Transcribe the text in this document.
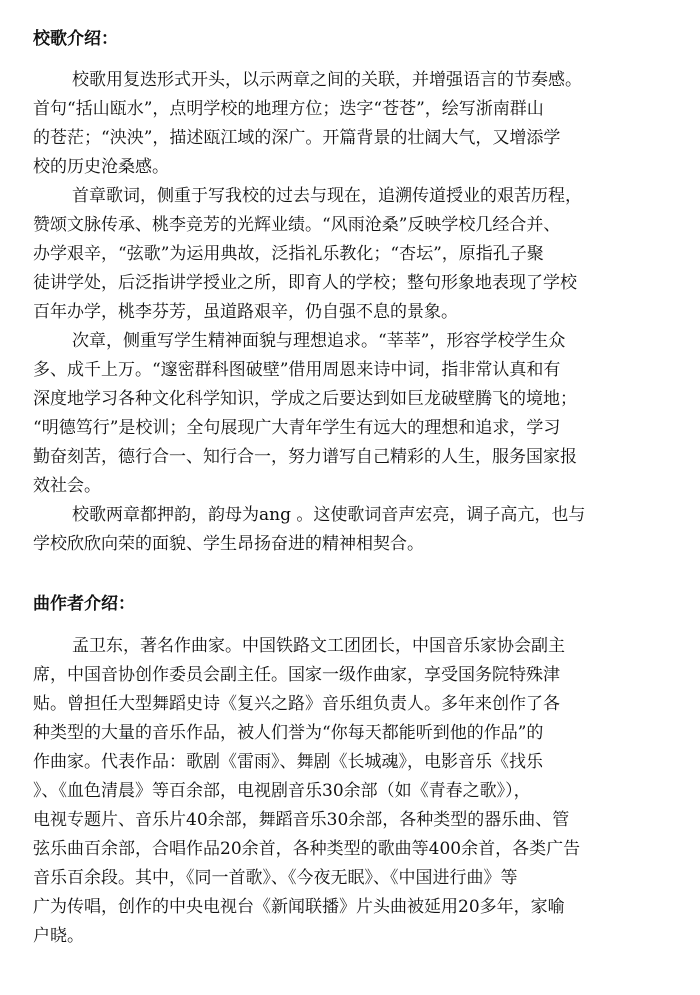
校歌介绍：

校歌用复迭形式开头，以示两章之间的关联，并增强语言的节奏感。

首句“括山瓯水”，点明学校的地理方位；迭字“苍苍”，绘写浙南群山

的苍茫；“泱泱”，描述瓯江域的深广。开篇背景的壮阔大气，又增添学

校的历史沧桑感。

首章歌词，侧重于写我校的过去与现在，追溯传道授业的艰苦历程，

赞颂文脉传承、桃李竞芳的光辉业绩。“风雨沧桑”反映学校几经合并、

办学艰辛，“弦歌”为运用典故，泛指礼乐教化；“杏坛”，原指孔子聚

徒讲学处，后泛指讲学授业之所，即育人的学校；整句形象地表现了学校

百年办学，桃李芬芳，虽道路艰辛，仍自强不息的景象。

次章，侧重写学生精神面貌与理想追求。“莘莘”，形容学校学生众

多、成千上万。“邃密群科图破壁”借用周恩来诗中词，指非常认真和有

深度地学习各种文化科学知识，学成之后要达到如巨龙破壁腾飞的境地；

“明德笃行”是校训；全句展现广大青年学生有远大的理想和追求，学习

勤奋刻苦，德行合一、知行合一，努力谱写自己精彩的人生，服务国家报

效社会。

校歌两章都押韵，韵母为ang 。这使歌词音声宏亮，调子高亢，也与

学校欣欣向荣的面貌、学生昂扬奋进的精神相契合。

曲作者介绍：

孟卫东，著名作曲家。中国铁路文工团团长，中国音乐家协会副主

席，中国音协创作委员会副主任。国家一级作曲家，享受国务院特殊津

贴。曾担任大型舞蹈史诗《复兴之路》音乐组负责人。多年来创作了各

种类型的大量的音乐作品，被人们誉为“你每天都能听到他的作品”的

作曲家。代表作品：歌剧《雷雨》、舞剧《长城魂》，电影音乐《找乐

》、《血色清晨》等百余部，电视剧音乐30余部（如《青春之歌》），

电视专题片、音乐片40余部，舞蹈音乐30余部，各种类型的器乐曲、管

弦乐曲百余部，合唱作品20余首，各种类型的歌曲等400余首，各类广告

音乐百余段。其中，《同一首歌》、《今夜无眠》、《中国进行曲》等

广为传唱，创作的中央电视台《新闻联播》片头曲被延用20多年，家喻

户晓。
